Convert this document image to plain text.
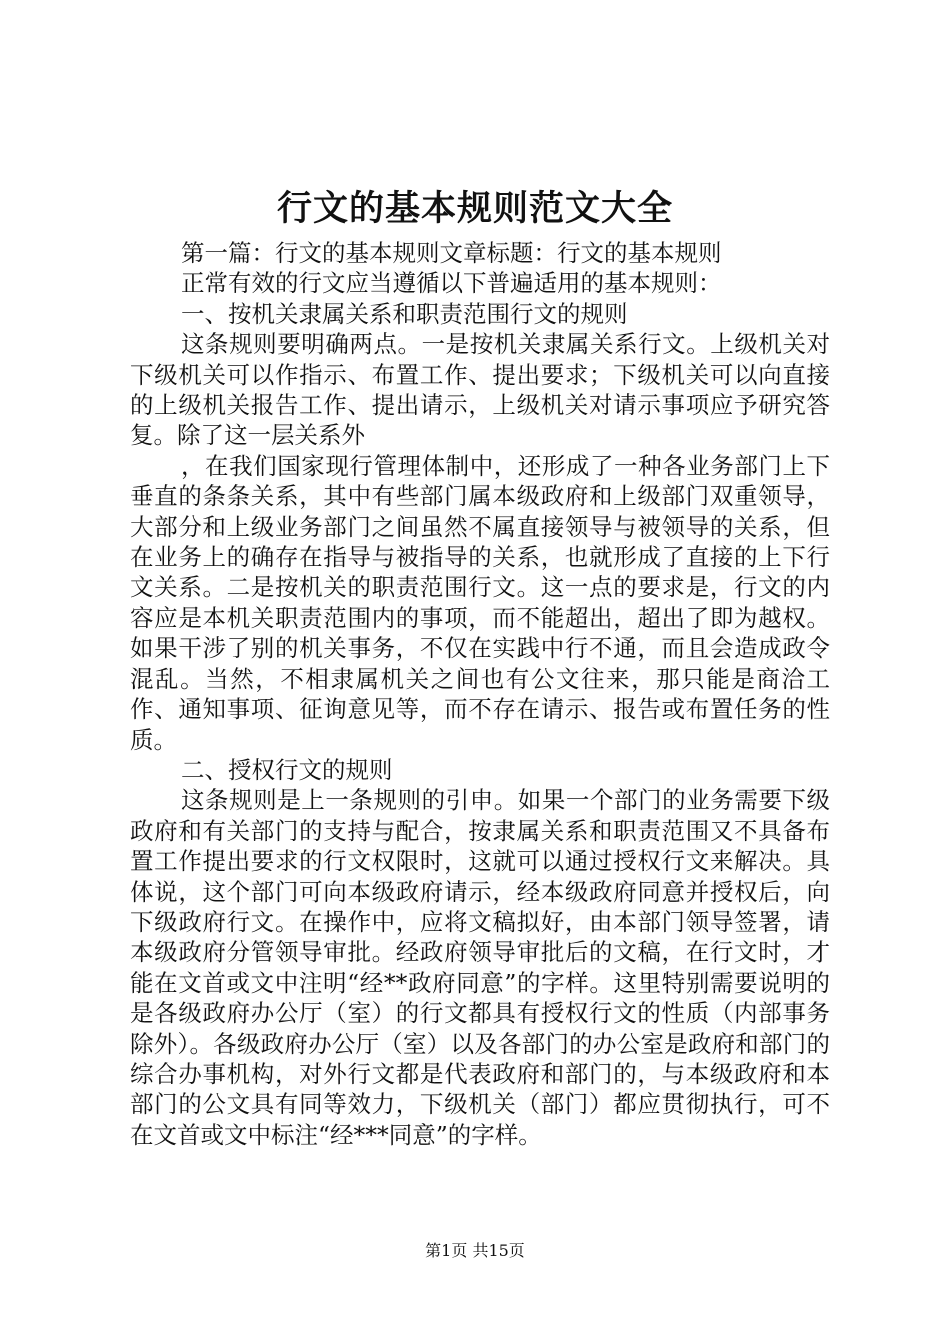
行文的基本规则范文大全

第一篇：行文的基本规则文章标题：行文的基本规则

正常有效的行文应当遵循以下普遍适用的基本规则：

一、按机关隶属关系和职责范围行文的规则

这条规则要明确两点。一是按机关隶属关系行文。上级机关对下级机关可以作指示、布置工作、提出要求；下级机关可以向直接的上级机关报告工作、提出请示，上级机关对请示事项应予研究答复。除了这一层关系外

，在我们国家现行管理体制中，还形成了一种各业务部门上下垂直的条条关系，其中有些部门属本级政府和上级部门双重领导，大部分和上级业务部门之间虽然不属直接领导与被领导的关系，但在业务上的确存在指导与被指导的关系，也就形成了直接的上下行文关系。二是按机关的职责范围行文。这一点的要求是，行文的内容应是本机关职责范围内的事项，而不能超出，超出了即为越权。如果干涉了别的机关事务，不仅在实践中行不通，而且会造成政令混乱。当然，不相隶属机关之间也有公文往来，那只能是商洽工作、通知事项、征询意见等，而不存在请示、报告或布置任务的性质。

二、授权行文的规则

这条规则是上一条规则的引申。如果一个部门的业务需要下级政府和有关部门的支持与配合，按隶属关系和职责范围又不具备布置工作提出要求的行文权限时，这就可以通过授权行文来解决。具体说，这个部门可向本级政府请示，经本级政府同意并授权后，向下级政府行文。在操作中，应将文稿拟好，由本部门领导签署，请本级政府分管领导审批。经政府领导审批后的文稿，在行文时，才能在文首或文中注明“经**政府同意”的字样。这里特别需要说明的是各级政府办公厅（室）的行文都具有授权行文的性质（内部事务除外）。各级政府办公厅（室）以及各部门的办公室是政府和部门的综合办事机构，对外行文都是代表政府和部门的，与本级政府和本部门的公文具有同等效力，下级机关（部门）都应贯彻执行，可不在文首或文中标注“经***同意”的字样。

第1页 共15页
